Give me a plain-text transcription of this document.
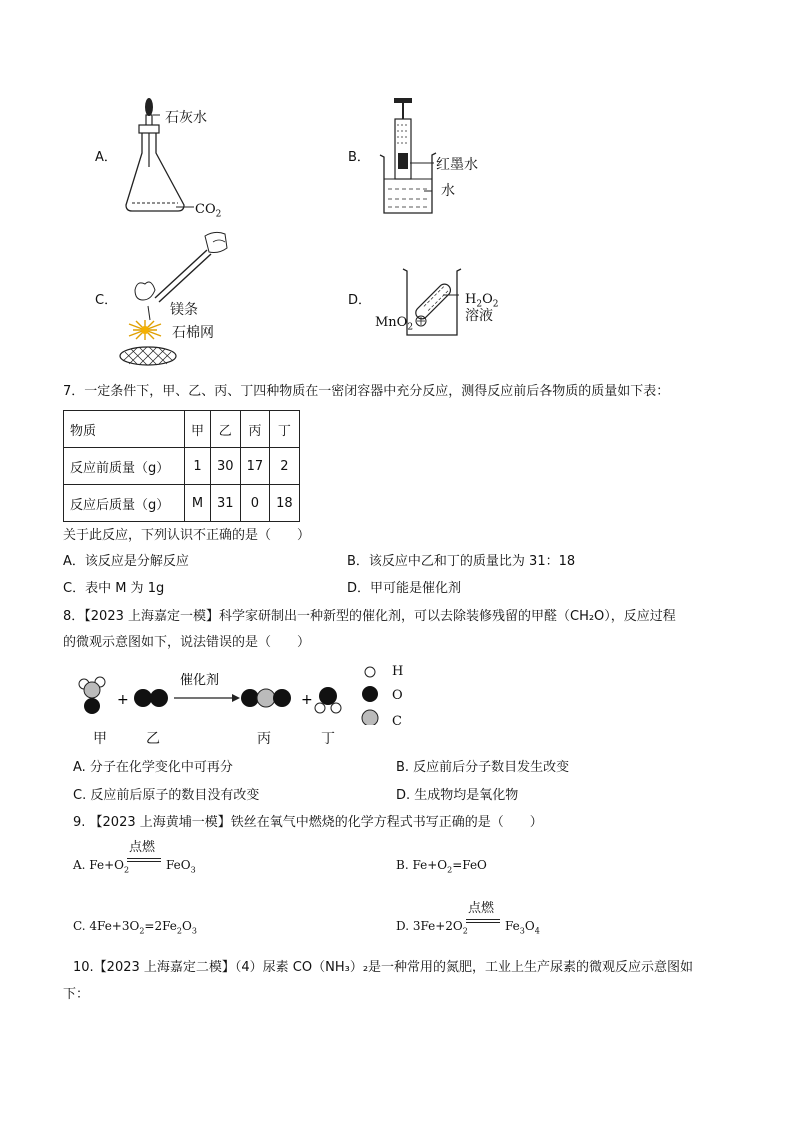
A．
石灰水
$CO_2$
B．	红墨水
水
C．
镁条
石棉网
D．	$H_2O_2$
溶液
MnO$_2$
7．一定条件下，甲、乙、丙、丁四种物质在一密闭容器中充分反应，测得反应前后各物质的质量如下表：
物质	甲	乙	丙	丁
反应前质量（g）	1	30	17	2
反应后质量（g）	M	31	0	18
关于此反应，下列认识不正确的是（　　）
A．该反应是分解反应	B．该反应中乙和丁的质量比为 31：18
C．表中 M 为 1g	D．甲可能是催化剂
8．【2023 上海嘉定一模】科学家研制出一种新型的催化剂，可以去除装修残留的甲醛（CH₂O），反应过程
的微观示意图如下，说法错误的是（　　）
+
催化剂
+
H
O
C
甲	乙	丙	丁
A. 分子在化学变化中可再分	B. 反应前后分子数目发生改变
C. 反应前后原子的数目没有改变	D. 生成物均是氧化物
9. 【2023 上海黄埔一模】铁丝在氧气中燃烧的化学方程式书写正确的是（　　）
A. $Fe+O_2$
点燃
FeO$_3$	B. $Fe+O_2=FeO$
C. $4Fe+3O_2=2Fe_2O_3$	D. $3Fe+2O_2$
点燃
$Fe_3O_4$
10.【2023 上海嘉定二模】（4）尿素 CO（NH₃）₂是一种常用的氮肥，工业上生产尿素的微观反应示意图如
下：
